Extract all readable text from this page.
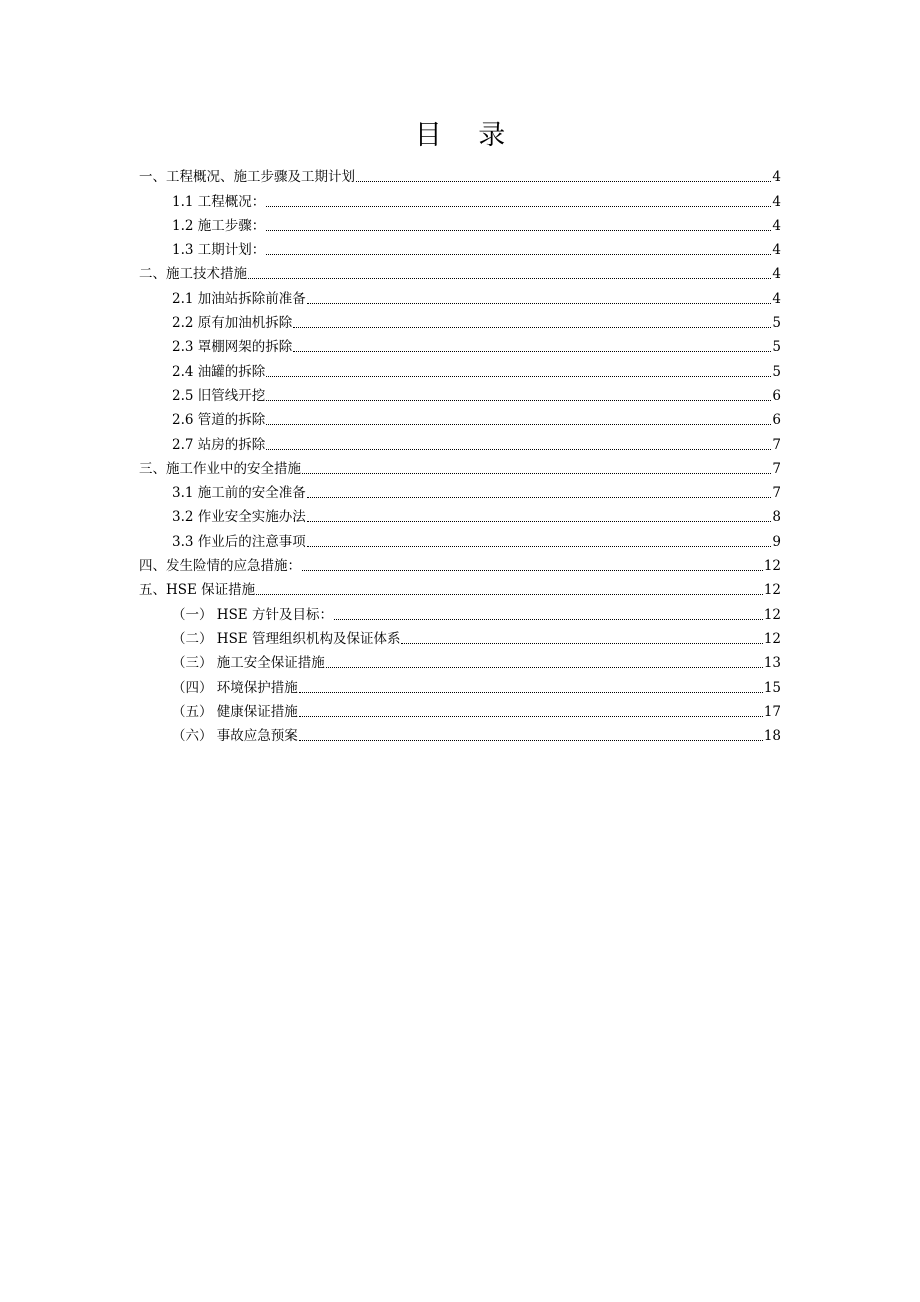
目 录
一、工程概况、施工步骤及工期计划	4
1.1 工程概况：	4
1.2 施工步骤：	4
1.3 工期计划：	4
二、施工技术措施	4
2.1 加油站拆除前准备	4
2.2 原有加油机拆除	5
2.3 罩棚网架的拆除	5
2.4 油罐的拆除	5
2.5 旧管线开挖	6
2.6 管道的拆除	6
2.7 站房的拆除	7
三、施工作业中的安全措施	7
3.1 施工前的安全准备	7
3.2 作业安全实施办法	8
3.3 作业后的注意事项	9
四、发生险情的应急措施：	12
五、HSE 保证措施	12
（一） HSE 方针及目标：	12
（二） HSE 管理组织机构及保证体系	12
（三） 施工安全保证措施	13
（四） 环境保护措施	15
（五） 健康保证措施	17
（六） 事故应急预案	18
